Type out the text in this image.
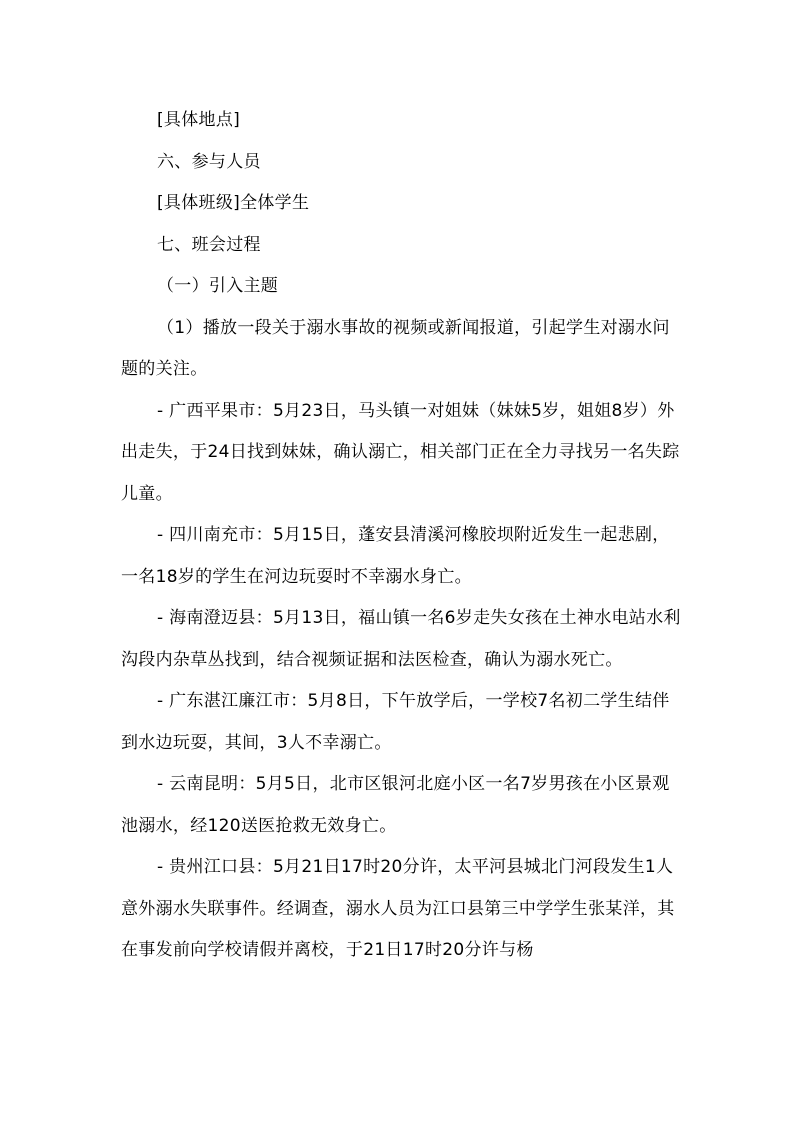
[具体地点]

六、参与人员

[具体班级]全体学生

七、班会过程

（一）引入主题

（1）播放一段关于溺水事故的视频或新闻报道，引起学生对溺水问题的关注。

- 广西平果市：5月23日，马头镇一对姐妹（妹妹5岁，姐姐8岁）外出走失，于24日找到妹妹，确认溺亡，相关部门正在全力寻找另一名失踪儿童。

- 四川南充市：5月15日，蓬安县清溪河橡胶坝附近发生一起悲剧，一名18岁的学生在河边玩耍时不幸溺水身亡。

- 海南澄迈县：5月13日，福山镇一名6岁走失女孩在土神水电站水利沟段内杂草丛找到，结合视频证据和法医检查，确认为溺水死亡。

- 广东湛江廉江市：5月8日，下午放学后，一学校7名初二学生结伴到水边玩耍，其间，3人不幸溺亡。

- 云南昆明：5月5日，北市区银河北庭小区一名7岁男孩在小区景观池溺水，经120送医抢救无效身亡。

- 贵州江口县：5月21日17时20分许，太平河县城北门河段发生1人意外溺水失联事件。经调查，溺水人员为江口县第三中学学生张某洋，其在事发前向学校请假并离校，于21日17时20分许与杨
